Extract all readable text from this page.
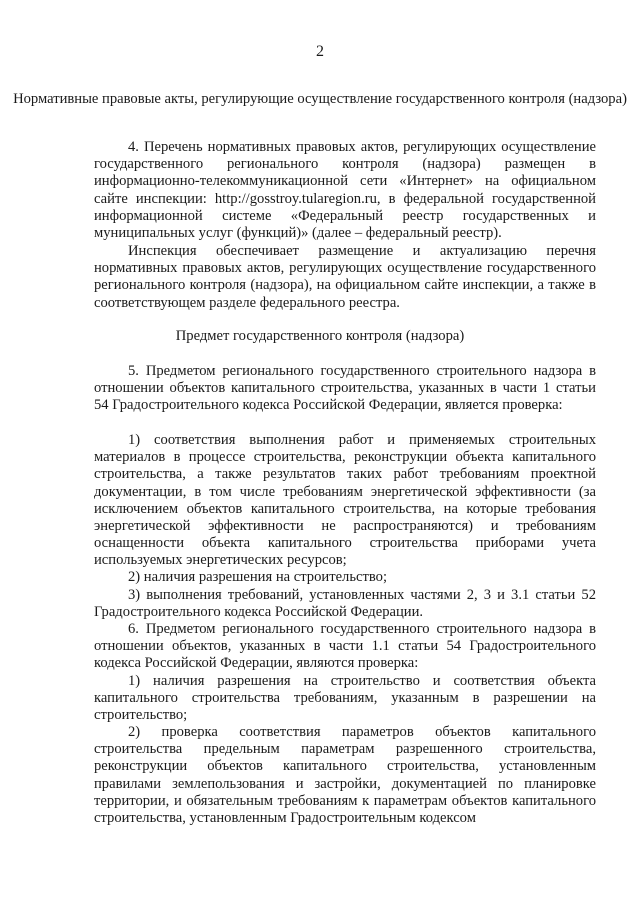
2
Нормативные правовые акты, регулирующие осуществление государственного контроля (надзора)

4. Перечень нормативных правовых актов, регулирующих осуществление государственного регионального контроля (надзора) размещен в информационно-телекоммуникационной сети «Интернет» на официальном сайте инспекции: http://gosstroy.tularegion.ru, в федеральной государственной информационной системе «Федеральный реестр государственных и муниципальных услуг (функций)» (далее – федеральный реестр).

Инспекция обеспечивает размещение и актуализацию перечня нормативных правовых актов, регулирующих осуществление государственного регионального контроля (надзора), на официальном сайте инспекции, а также в соответствующем разделе федерального реестра.

Предмет государственного контроля (надзора)

5. Предметом регионального государственного строительного надзора в отношении объектов капитального строительства, указанных в части 1 статьи 54 Градостроительного кодекса Российской Федерации, является проверка:

1) соответствия выполнения работ и применяемых строительных материалов в процессе строительства, реконструкции объекта капитального строительства, а также результатов таких работ требованиям проектной документации, в том числе требованиям энергетической эффективности (за исключением объектов капитального строительства, на которые требования энергетической эффективности не распространяются) и требованиям оснащенности объекта капитального строительства приборами учета используемых энергетических ресурсов;

2) наличия разрешения на строительство;

3) выполнения требований, установленных частями 2, 3 и 3.1 статьи 52 Градостроительного кодекса Российской Федерации.

6. Предметом регионального государственного строительного надзора в отношении объектов, указанных в части 1.1 статьи 54 Градостроительного кодекса Российской Федерации, являются проверка:

1) наличия разрешения на строительство и соответствия объекта капитального строительства требованиям, указанным в разрешении на строительство;

2) проверка соответствия параметров объектов капитального строительства предельным параметрам разрешенного строительства, реконструкции объектов капитального строительства, установленным правилами землепользования и застройки, документацией по планировке территории, и обязательным требованиям к параметрам объектов капитального строительства, установленным Градостроительным кодексом
